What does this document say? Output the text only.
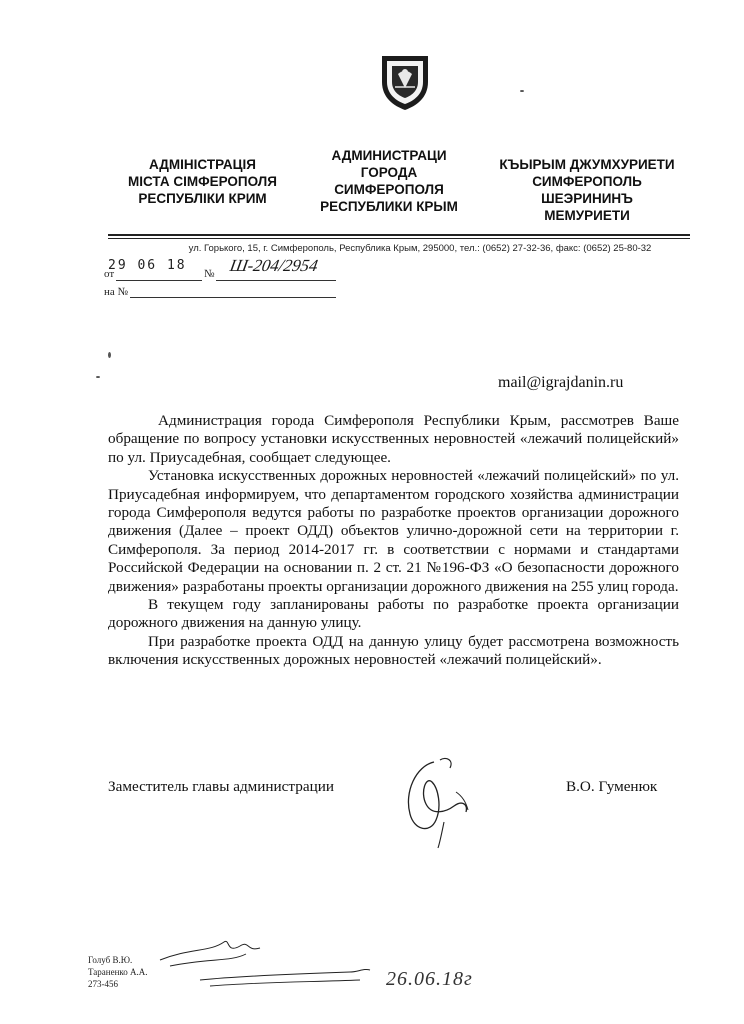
АДМІНІСТРАЦІЯ
МІСТА СІМФЕРОПОЛЯ
РЕСПУБЛІКИ КРИМ
АДМИНИСТРАЦИ
ГОРОДА
СИМФЕРОПОЛЯ
РЕСПУБЛИКИ КРЫМ
КЪЫРЫМ ДЖУМХУРИЕТИ
СИМФЕРОПОЛЬ
ШЕЭРИНИНЪ
МЕМУРИЕТИ
ул. Горького, 15, г. Симферополь, Республика Крым, 295000, тел.: (0652) 27-32-36, факс: (0652) 25-80-32
от
29 06 18
№ Ш-204/2954
на №
mail@igrajdanin.ru

Администрация города Симферополя Республики Крым, рассмотрев Ваше обращение по вопросу установки искусственных неровностей «лежачий полицейский» по ул. Приусадебная, сообщает следующее.

Установка искусственных дорожных неровностей «лежачий полицейский» по ул. Приусадебная информируем, что департаментом городского хозяйства администрации города Симферополя ведутся работы по разработке проектов организации дорожного движения (Далее – проект ОДД) объектов улично-дорожной сети на территории г. Симферополя. За период 2014-2017 гг. в соответствии с нормами и стандартами Российской Федерации на основании п. 2 ст. 21 №196-ФЗ «О безопасности дорожного движения» разработаны проекты организации дорожного движения на 255 улиц города.

В текущем году запланированы работы по разработке проекта организации дорожного движения на данную улицу.

При разработке проекта ОДД на данную улицу будет рассмотрена возможность включения искусственных дорожных неровностей «лежачий полицейский».

Заместитель главы администрации	В.О. Гуменюк
Голуб В.Ю.
Тараненко А.А.
273-456	26.06.18г
